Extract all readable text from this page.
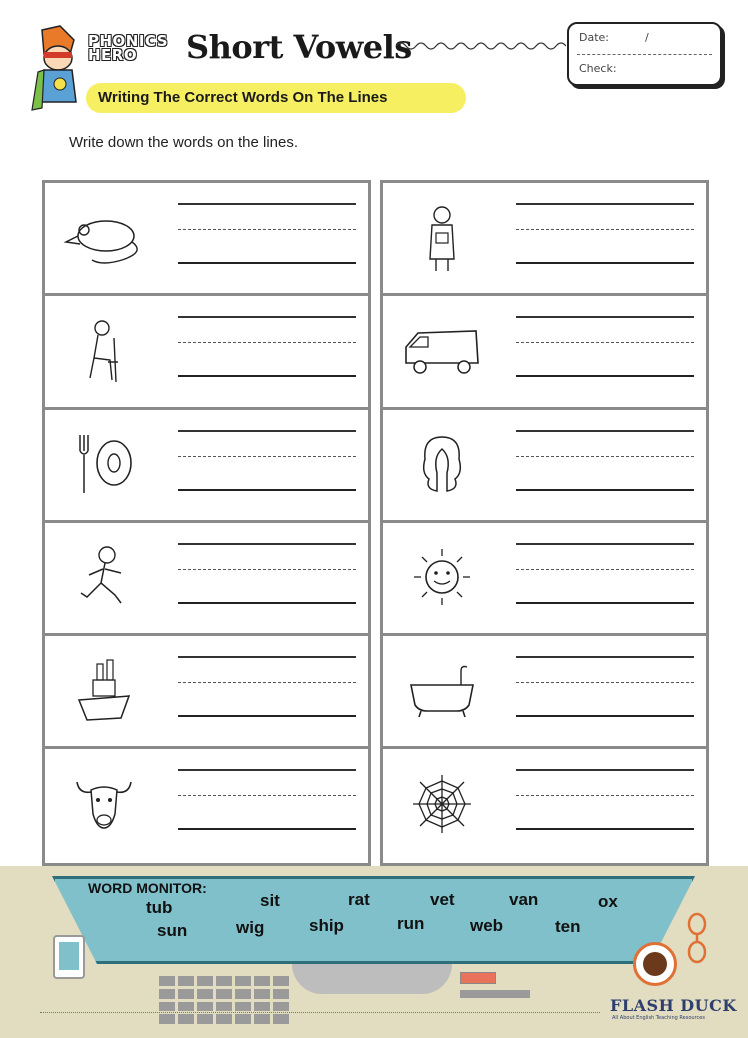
PHONICS
HERO	Short Vowels	Date:	/
Check:
Writing The Correct Words On The Lines
Write down the words on the lines.
WORD MONITOR:
tub	sit	rat	vet	van	ox
sun	wig	ship	run	web	ten
FLASH DUCK
All About English Teaching Resources
